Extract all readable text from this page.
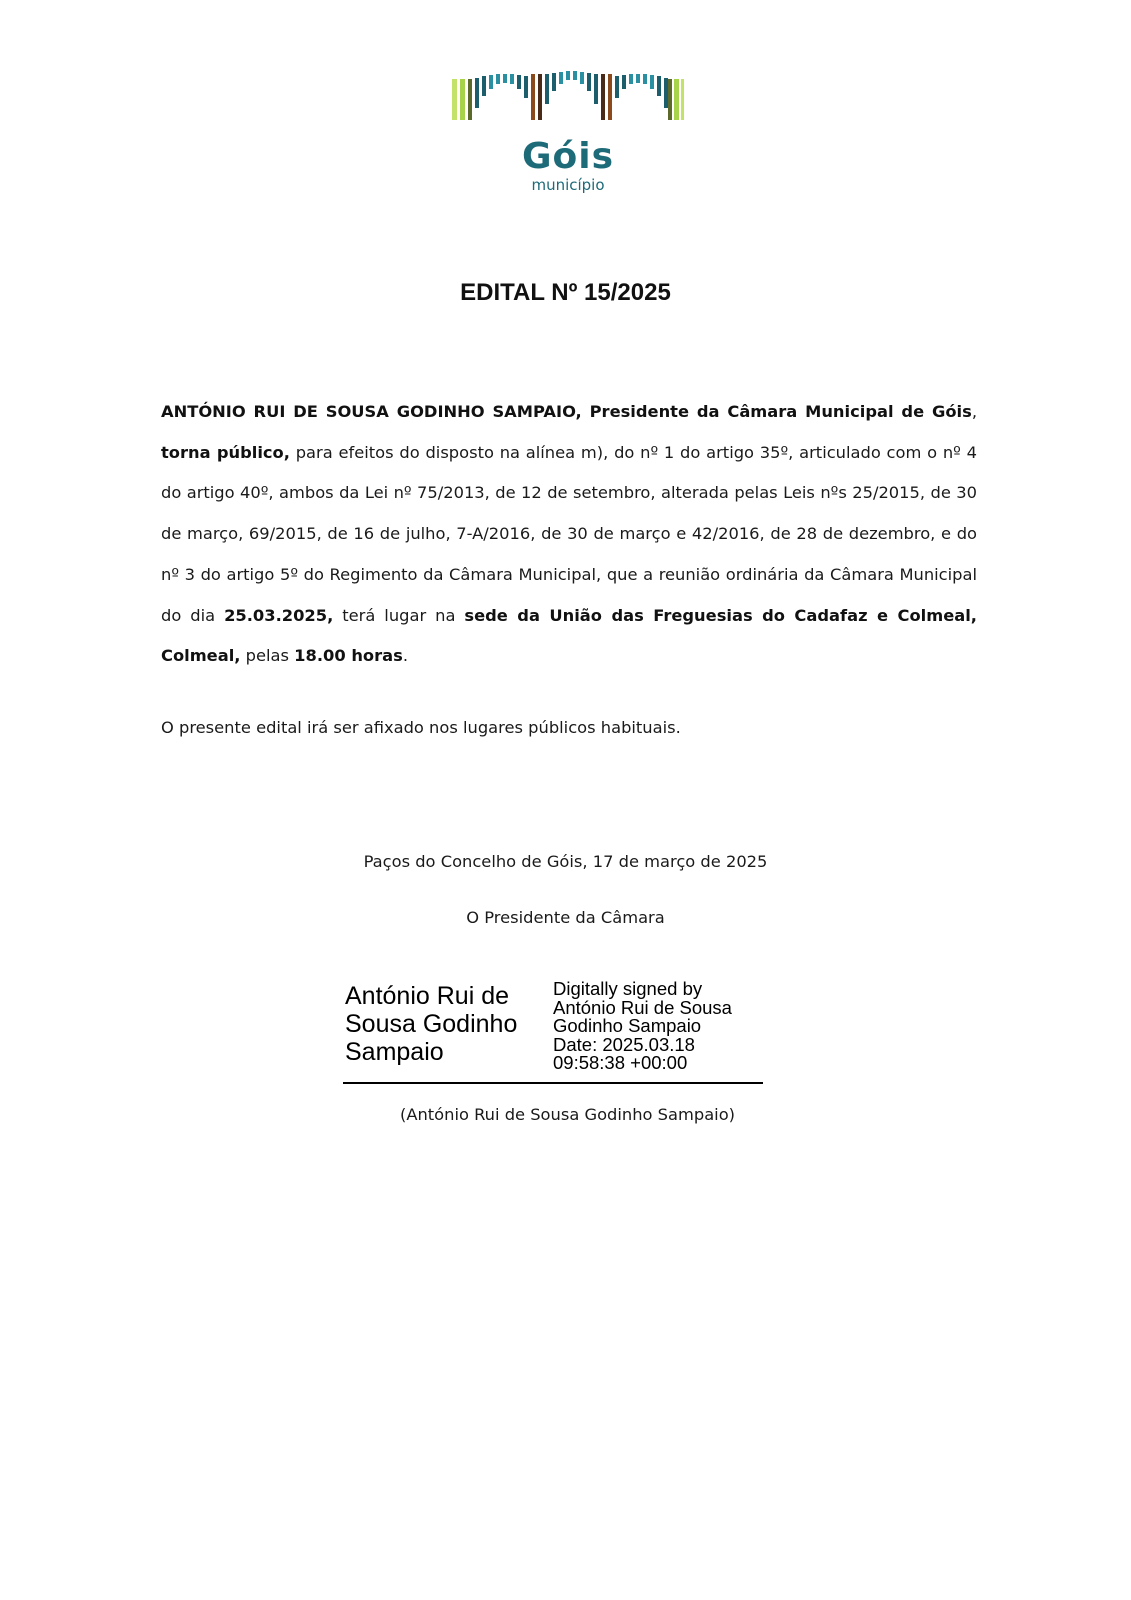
Góis
município
EDITAL Nº 15/2025
ANTÓNIO RUI DE SOUSA GODINHO SAMPAIO, Presidente da Câmara Municipal de Góis, torna público, para efeitos do disposto na alínea m), do nº 1 do artigo 35º, articulado com o nº 4 do artigo 40º, ambos da Lei nº 75/2013, de 12 de setembro, alterada pelas Leis nºs 25/2015, de 30 de março, 69/2015, de 16 de julho, 7-A/2016, de 30 de março e 42/2016, de 28 de dezembro, e do nº 3 do artigo 5º do Regimento da Câmara Municipal, que a reunião ordinária da Câmara Municipal do dia 25.03.2025, terá lugar na sede da União das Freguesias do Cadafaz e Colmeal, Colmeal, pelas 18.00 horas.
O presente edital irá ser afixado nos lugares públicos habituais.
Paços do Concelho de Góis, 17 de março de 2025
O Presidente da Câmara
António Rui de
Sousa Godinho
Sampaio
Digitally signed by
António Rui de Sousa
Godinho Sampaio
Date: 2025.03.18
09:58:38 +00:00
(António Rui de Sousa Godinho Sampaio)
